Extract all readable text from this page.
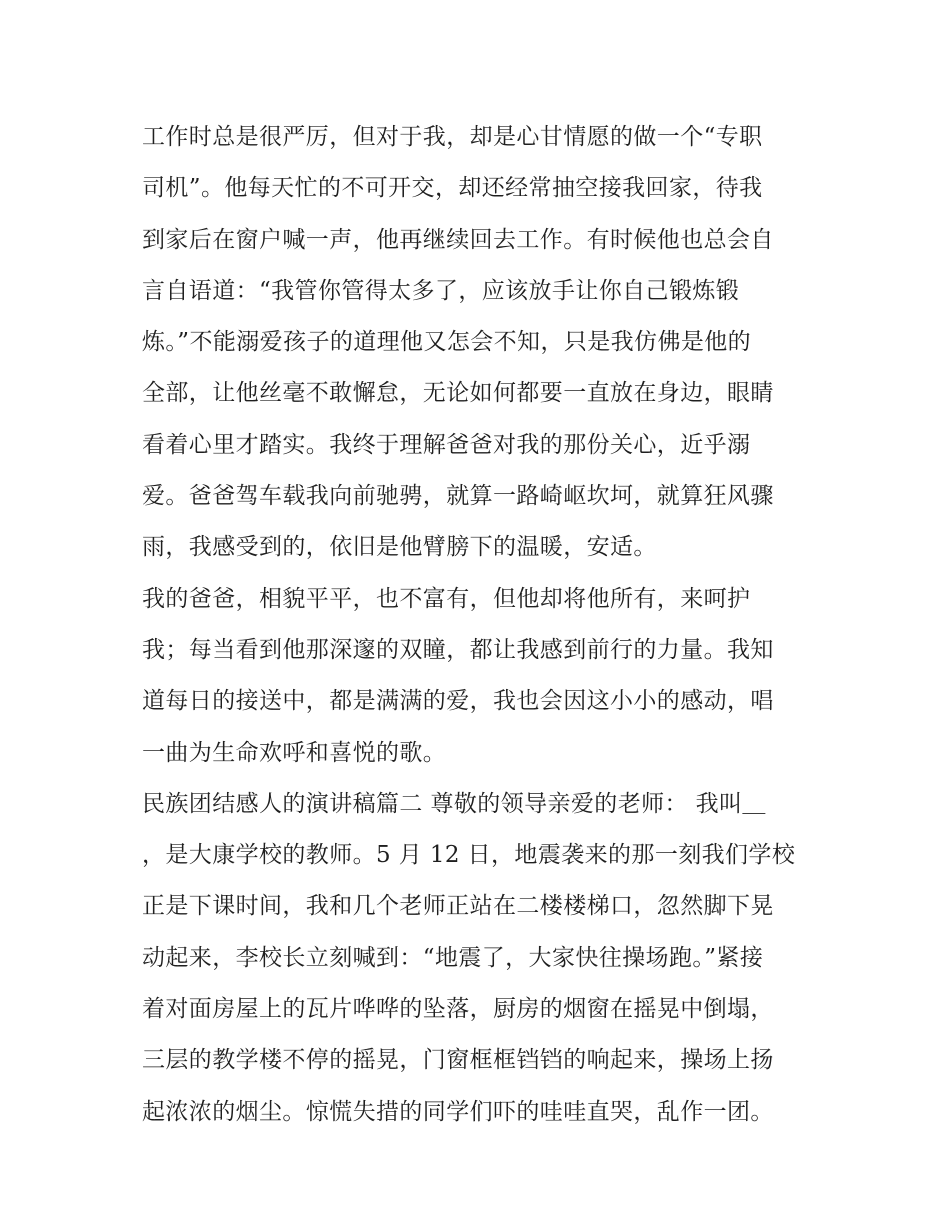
工作时总是很严厉，但对于我，却是心甘情愿的做一个“专职
司机”。他每天忙的不可开交，却还经常抽空接我回家，待我
到家后在窗户喊一声，他再继续回去工作。有时候他也总会自
言自语道：“我管你管得太多了，应该放手让你自己锻炼锻
炼。”不能溺爱孩子的道理他又怎会不知，只是我仿佛是他的
全部，让他丝毫不敢懈怠，无论如何都要一直放在身边，眼睛
看着心里才踏实。我终于理解爸爸对我的那份关心，近乎溺
爱。爸爸驾车载我向前驰骋，就算一路崎岖坎坷，就算狂风骤
雨，我感受到的，依旧是他臂膀下的温暖，安适。
我的爸爸，相貌平平，也不富有，但他却将他所有，来呵护
我；每当看到他那深邃的双瞳，都让我感到前行的力量。我知
道每日的接送中，都是满满的爱，我也会因这小小的感动，唱
一曲为生命欢呼和喜悦的歌。
民族团结感人的演讲稿篇二 尊敬的领导亲爱的老师： 我叫＿
，是大康学校的教师。5 月 12 日，地震袭来的那一刻我们学校
正是下课时间，我和几个老师正站在二楼楼梯口，忽然脚下晃
动起来，李校长立刻喊到：“地震了，大家快往操场跑。”紧接
着对面房屋上的瓦片哗哗的坠落，厨房的烟窗在摇晃中倒塌，
三层的教学楼不停的摇晃，门窗框框铛铛的响起来，操场上扬
起浓浓的烟尘。惊慌失措的同学们吓的哇哇直哭，乱作一团。
